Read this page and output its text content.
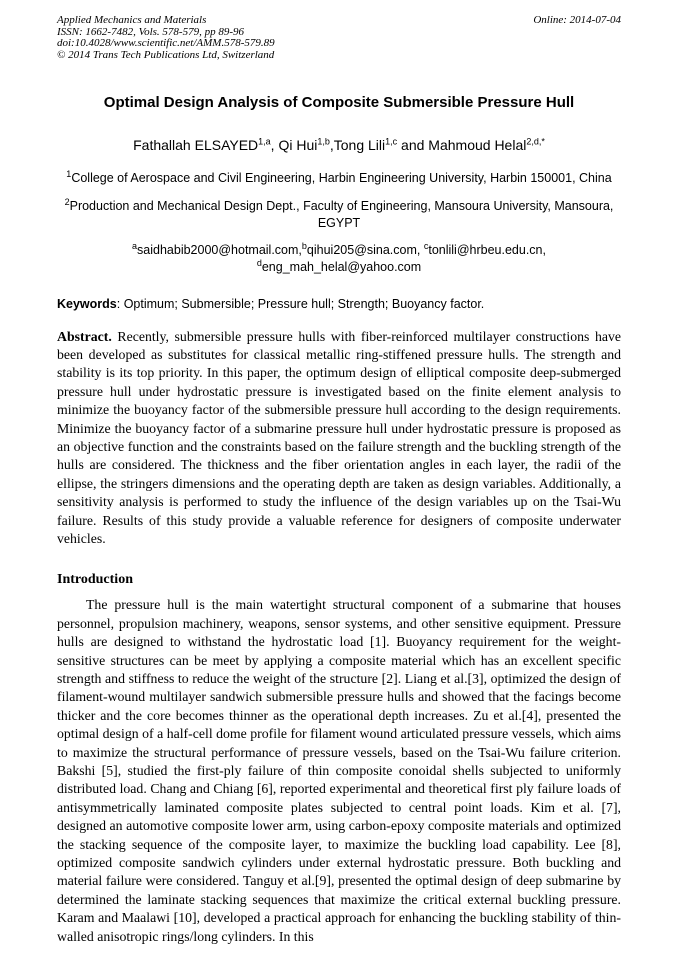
Applied Mechanics and Materials
ISSN: 1662-7482, Vols. 578-579, pp 89-96
doi:10.4028/www.scientific.net/AMM.578-579.89
© 2014 Trans Tech Publications Ltd, Switzerland
Online: 2014-07-04
Optimal Design Analysis of Composite Submersible Pressure Hull
Fathallah ELSAYED$^{1,a}$, Qi Hui$^{1,b}$,Tong Lili$^{1,c}$ and Mahmoud Helal$^{2,d,*}$
$^1$College of Aerospace and Civil Engineering, Harbin Engineering University, Harbin 150001, China
$^2$Production and Mechanical Design Dept., Faculty of Engineering, Mansoura University, Mansoura, EGYPT
$^a$saidhabib2000@hotmail.com,$^b$qihui205@sina.com, $^c$tonlili@hrbeu.edu.cn,
$^d$eng_mah_helal@yahoo.com
Keywords: Optimum; Submersible; Pressure hull; Strength; Buoyancy factor.

Abstract. Recently, submersible pressure hulls with fiber-reinforced multilayer constructions have been developed as substitutes for classical metallic ring-stiffened pressure hulls. The strength and stability is its top priority. In this paper, the optimum design of elliptical composite deep-submerged pressure hull under hydrostatic pressure is investigated based on the finite element analysis to minimize the buoyancy factor of the submersible pressure hull according to the design requirements. Minimize the buoyancy factor of a submarine pressure hull under hydrostatic pressure is proposed as an objective function and the constraints based on the failure strength and the buckling strength of the hulls are considered. The thickness and the fiber orientation angles in each layer, the radii of the ellipse, the stringers dimensions and the operating depth are taken as design variables. Additionally, a sensitivity analysis is performed to study the influence of the design variables up on the Tsai-Wu failure. Results of this study provide a valuable reference for designers of composite underwater vehicles.

Introduction

The pressure hull is the main watertight structural component of a submarine that houses personnel, propulsion machinery, weapons, sensor systems, and other sensitive equipment. Pressure hulls are designed to withstand the hydrostatic load [1]. Buoyancy requirement for the weight-sensitive structures can be meet by applying a composite material which has an excellent specific strength and stiffness to reduce the weight of the structure [2]. Liang et al.[3], optimized the design of filament-wound multilayer sandwich submersible pressure hulls and showed that the facings become thicker and the core becomes thinner as the operational depth increases. Zu et al.[4], presented the optimal design of a half-cell dome profile for filament wound articulated pressure vessels, which aims to maximize the structural performance of pressure vessels, based on the Tsai-Wu failure criterion. Bakshi [5], studied the first-ply failure of thin composite conoidal shells subjected to uniformly distributed load. Chang and Chiang [6], reported experimental and theoretical first ply failure loads of antisymmetrically laminated composite plates subjected to central point loads. Kim et al. [7], designed an automotive composite lower arm, using carbon-epoxy composite materials and optimized the stacking sequence of the composite layer, to maximize the buckling load capability. Lee [8], optimized composite sandwich cylinders under external hydrostatic pressure. Both buckling and material failure were considered. Tanguy et al.[9], presented the optimal design of deep submarine by determined the laminate stacking sequences that maximize the critical external buckling pressure. Karam and Maalawi [10], developed a practical approach for enhancing the buckling stability of thin-walled anisotropic rings/long cylinders. In this
